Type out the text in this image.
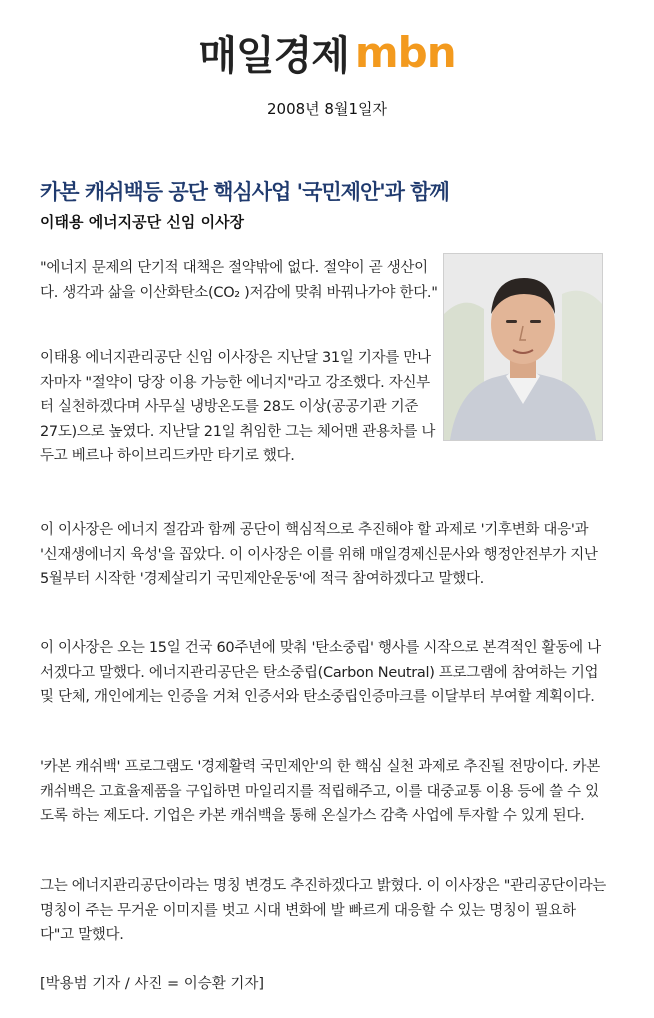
매일경제 mbn
2008년 8월1일자
카본 캐쉬백등 공단 핵심사업 '국민제안'과 함께
이태용 에너지공단 신임 이사장
"에너지 문제의 단기적 대책은 절약밖에 없다. 절약이 곧 생산이다. 생각과 삶을 이산화탄소(CO₂ )저감에 맞춰 바꿔나가야 한다."
이태용 에너지관리공단 신임 이사장은 지난달 31일 기자를 만나자마자 "절약이 당장 이용 가능한 에너지"라고 강조했다. 자신부터 실천하겠다며 사무실 냉방온도를 28도 이상(공공기관 기준 27도)으로 높였다. 지난달 21일 취임한 그는 체어맨 관용차를 나두고 베르나 하이브리드카만 타기로 했다.
이 이사장은 에너지 절감과 함께 공단이 핵심적으로 추진해야 할 과제로 '기후변화 대응'과 '신재생에너지 육성'을 꼽았다. 이 이사장은 이를 위해 매일경제신문사와 행정안전부가 지난 5월부터 시작한 '경제살리기 국민제안운동'에 적극 참여하겠다고 말했다.
이 이사장은 오는 15일 건국 60주년에 맞춰 '탄소중립' 행사를 시작으로 본격적인 활동에 나서겠다고 말했다. 에너지관리공단은 탄소중립(Carbon Neutral) 프로그램에 참여하는 기업 및 단체, 개인에게는 인증을 거쳐 인증서와 탄소중립인증마크를 이달부터 부여할 계획이다.
'카본 캐쉬백' 프로그램도 '경제활력 국민제안'의 한 핵심 실천 과제로 추진될 전망이다. 카본 캐쉬백은 고효율제품을 구입하면 마일리지를 적립해주고, 이를 대중교통 이용 등에 쓸 수 있도록 하는 제도다. 기업은 카본 캐쉬백을 통해 온실가스 감축 사업에 투자할 수 있게 된다.
그는 에너지관리공단이라는 명칭 변경도 추진하겠다고 밝혔다. 이 이사장은 "관리공단이라는 명칭이 주는 무거운 이미지를 벗고 시대 변화에 발 빠르게 대응할 수 있는 명칭이 필요하다"고 말했다.
[박용범 기자 / 사진 = 이승환 기자]
